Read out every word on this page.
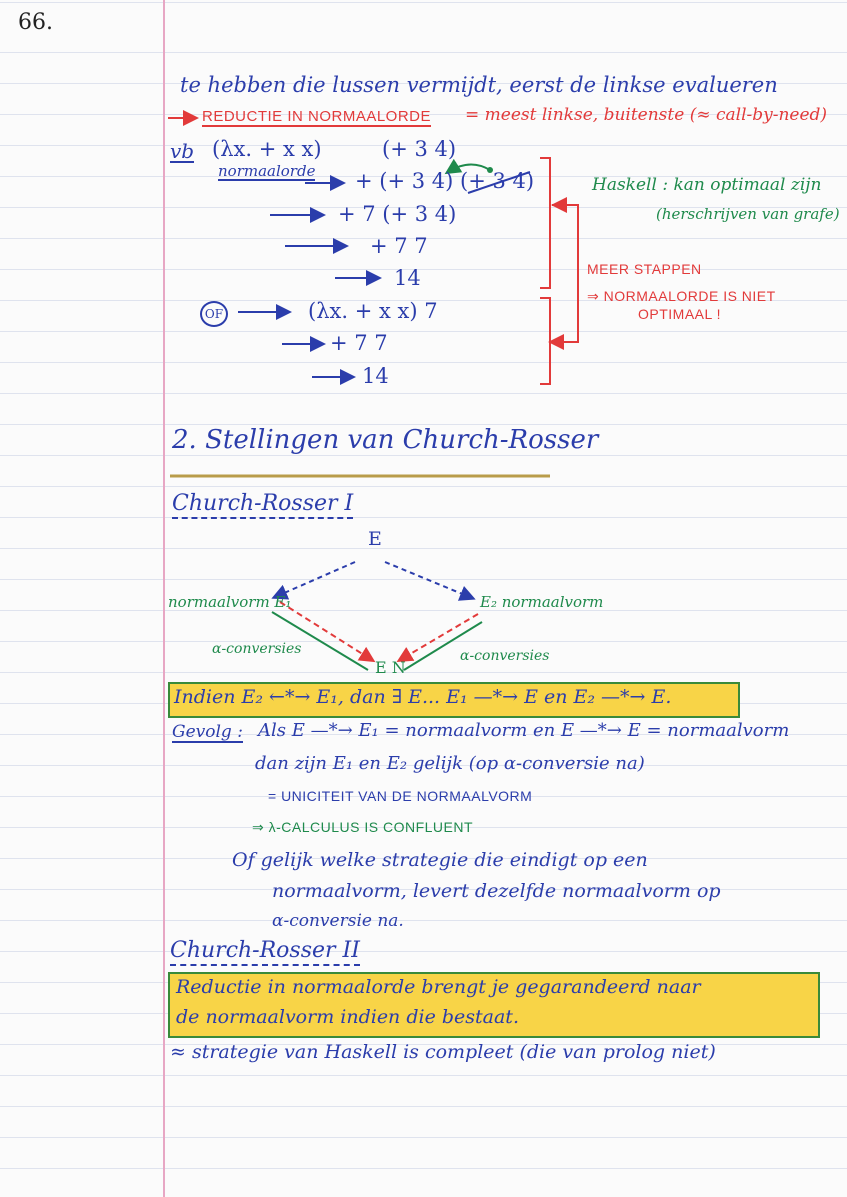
66.
te hebben die lussen vermijdt, eerst de linkse evalueren
REDUCTIE IN NORMAALORDE = meest linkse, buitenste (≈ call-by-need)
vb (λx. + x x)	(+ 3 4)
normaalorde + (+ 3 4) (+ 3 4)
+ 7 (+ 3 4)
+ 7 7
14
OF	(λx. + x x) 7
+ 7 7
14
Haskell : kan optimaal zijn
(herschrijven van grafe)
MEER STAPPEN
⇒ NORMAALORDE IS NIET
OPTIMAAL !
2. Stellingen van Church-Rosser
Church-Rosser I
E
normaalvorm E₁	E₂ normaalvorm
E N
α-conversies	α-conversies
Indien E₂ ←*→ E₁, dan ∃ E... E₁ —*→ E en E₂ —*→ E.
Gevolg : Als E —*→ E₁ = normaalvorm en E —*→ E = normaalvorm
dan zijn E₁ en E₂ gelijk (op α-conversie na)
= UNICITEIT VAN DE NORMAALVORM
⇒ λ-CALCULUS IS CONFLUENT
Of gelijk welke strategie die eindigt op een
normaalvorm, levert dezelfde normaalvorm op
α-conversie na.
Church-Rosser II
Reductie in normaalorde brengt je gegarandeerd naar
de normaalvorm indien die bestaat.
≈ strategie van Haskell is compleet (die van prolog niet)
